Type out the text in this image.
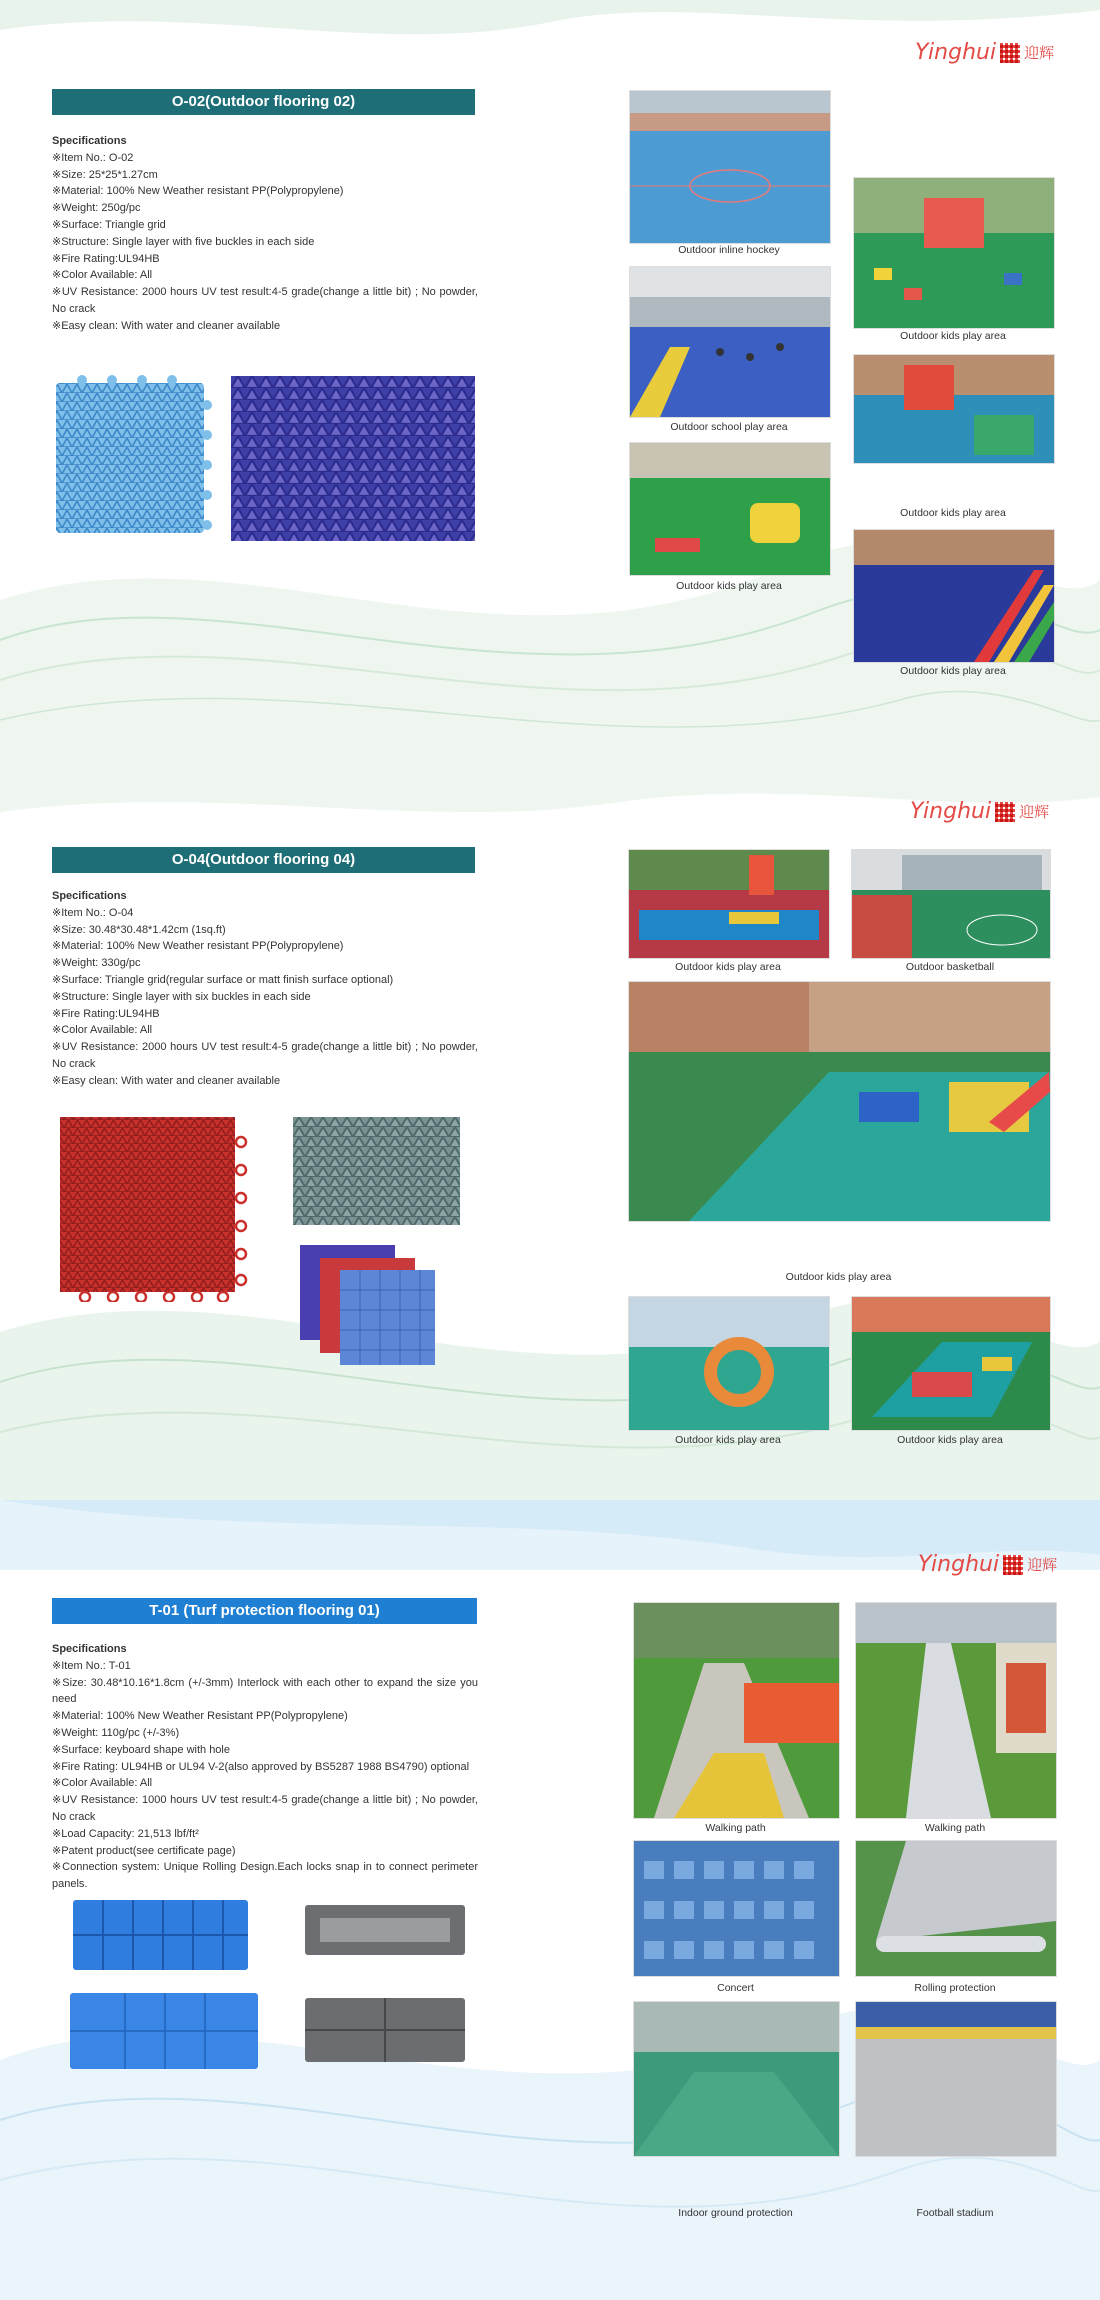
Yinghui 迎辉
O-02(Outdoor flooring 02)
Specifications
※Item No.: O-02
※Size: 25*25*1.27cm
※Material: 100% New Weather resistant PP(Polypropylene)
※Weight: 250g/pc
※Surface: Triangle grid
※Structure: Single layer with five buckles in each side
※Fire Rating:UL94HB
※Color Available: All
※UV Resistance: 2000 hours UV test result:4-5 grade(change a little bit) ; No powder, No crack
※Easy clean: With water and cleaner available
Outdoor inline hockey
Outdoor kids play area
Outdoor school play area
Outdoor kids play area
Outdoor kids play area
Outdoor kids play area
Yinghui 迎辉
O-04(Outdoor flooring 04)
Specifications
※Item No.: O-04
※Size: 30.48*30.48*1.42cm (1sq.ft)
※Material: 100% New Weather resistant PP(Polypropylene)
※Weight: 330g/pc
※Surface: Triangle grid(regular surface or matt finish surface optional)
※Structure: Single layer with six buckles in each side
※Fire Rating:UL94HB
※Color Available: All
※UV Resistance: 2000 hours UV test result:4-5 grade(change a little bit) ; No powder, No crack
※Easy clean: With water and cleaner available
Outdoor kids play area	Outdoor basketball
Outdoor kids play area
Outdoor kids play area	Outdoor kids play area
Yinghui 迎辉
T-01 (Turf protection flooring 01)
Specifications
※Item No.: T-01
※Size: 30.48*10.16*1.8cm (+/-3mm) Interlock with each other to expand the size you need
※Material: 100% New Weather Resistant PP(Polypropylene)
※Weight: 110g/pc (+/-3%)
※Surface: keyboard shape with hole
※Fire Rating: UL94HB or UL94 V-2(also approved by BS5287 1988 BS4790) optional
※Color Available: All
※UV Resistance: 1000 hours UV test result:4-5 grade(change a little bit) ; No powder, No crack
※Load Capacity: 21,513 lbf/ft²
※Patent product(see certificate page)
※Connection system: Unique Rolling Design.Each locks snap in to connect perimeter panels.
Walking path	Walking path
Concert	Rolling protection
Indoor ground protection	Football stadium
